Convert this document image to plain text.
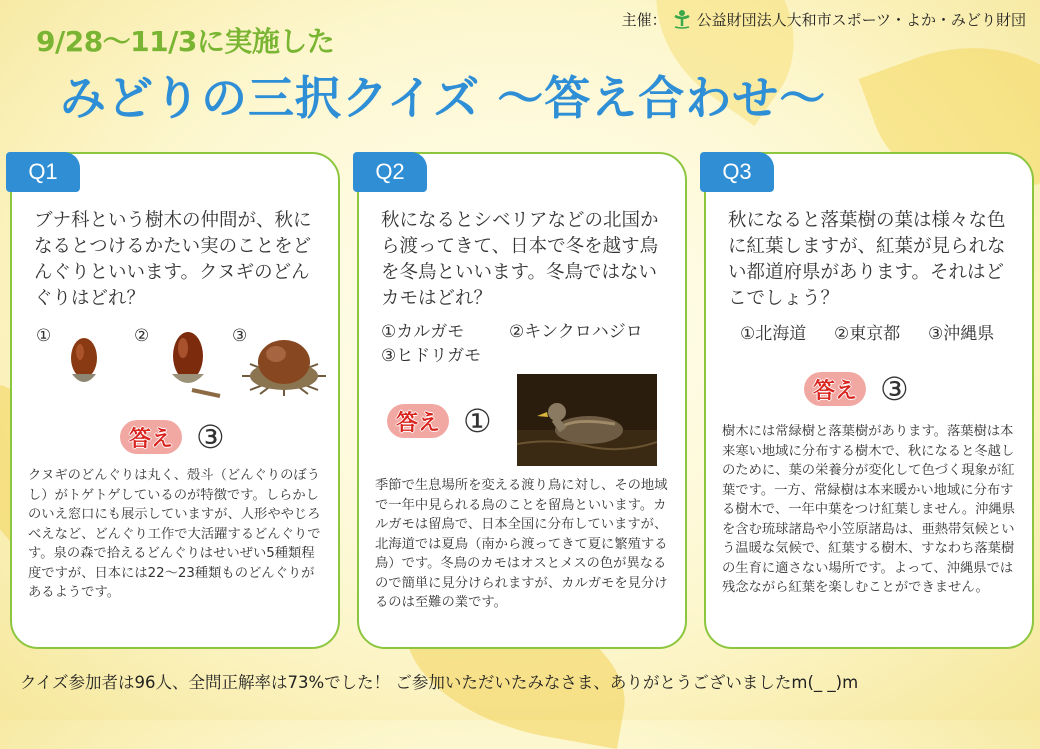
主催： 公益財団法人大和市スポーツ・よか・みどり財団
9/28～11/3に実施した
みどりの三択クイズ ～答え合わせ～
Q1
ブナ科という樹木の仲間が、秋になるとつけるかたい実のことをどんぐりといいます。クヌギのどんぐりはどれ？
①	②	③
答え ③
クヌギのどんぐりは丸く、殻斗（どんぐりのぼうし）がトゲトゲしているのが特徴です。しらかしのいえ窓口にも展示していますが、人形ややじろべえなど、どんぐり工作で大活躍するどんぐりです。泉の森で拾えるどんぐりはせいぜい5種類程度ですが、日本には22～23種類ものどんぐりがあるようです。
Q2
秋になるとシベリアなどの北国から渡ってきて、日本で冬を越す鳥を冬鳥といいます。冬鳥ではないカモはどれ？
①カルガモ	②キンクロハジロ
③ヒドリガモ
答え ①
季節で生息場所を変える渡り鳥に対し、その地域で一年中見られる鳥のことを留鳥といいます。カルガモは留鳥で、日本全国に分布していますが、北海道では夏鳥（南から渡ってきて夏に繁殖する鳥）です。冬鳥のカモはオスとメスの色が異なるので簡単に見分けられますが、カルガモを見分けるのは至難の業です。
Q3
秋になると落葉樹の葉は様々な色に紅葉しますが、紅葉が見られない都道府県があります。それはどこでしょう？
①北海道 ②東京都 ③沖縄県
答え ③
樹木には常緑樹と落葉樹があります。落葉樹は本来寒い地域に分布する樹木で、秋になると冬越しのために、葉の栄養分が変化して色づく現象が紅葉です。一方、常緑樹は本来暖かい地域に分布する樹木で、一年中葉をつけ紅葉しません。沖縄県を含む琉球諸島や小笠原諸島は、亜熱帯気候という温暖な気候で、紅葉する樹木、すなわち落葉樹の生育に適さない場所です。よって、沖縄県では残念ながら紅葉を楽しむことができません。
クイズ参加者は96人、全問正解率は73%でした！ ご参加いただいたみなさま、ありがとうございましたm(_ _)m
